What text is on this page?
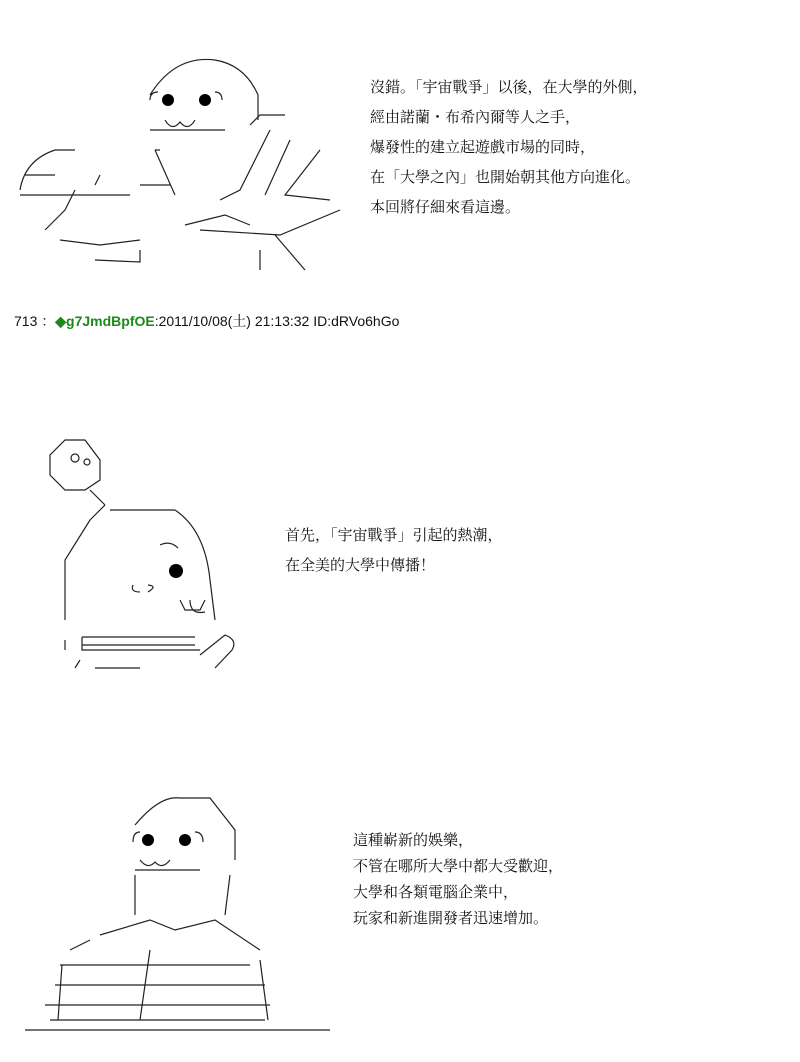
沒錯。「宇宙戰爭」以後，在大學的外側，
經由諾蘭・布希內爾等人之手，
爆發性的建立起遊戲市場的同時，
在「大學之內」也開始朝其他方向進化。
本回將仔細來看這邊。
713 ：◆g7JmdBpfOE:2011/10/08(土) 21:13:32 ID:dRVo6hGo
首先，「宇宙戰爭」引起的熱潮，
在全美的大學中傳播！
這種嶄新的娛樂，
不管在哪所大學中都大受歡迎，
大學和各類電腦企業中，
玩家和新進開發者迅速增加。
